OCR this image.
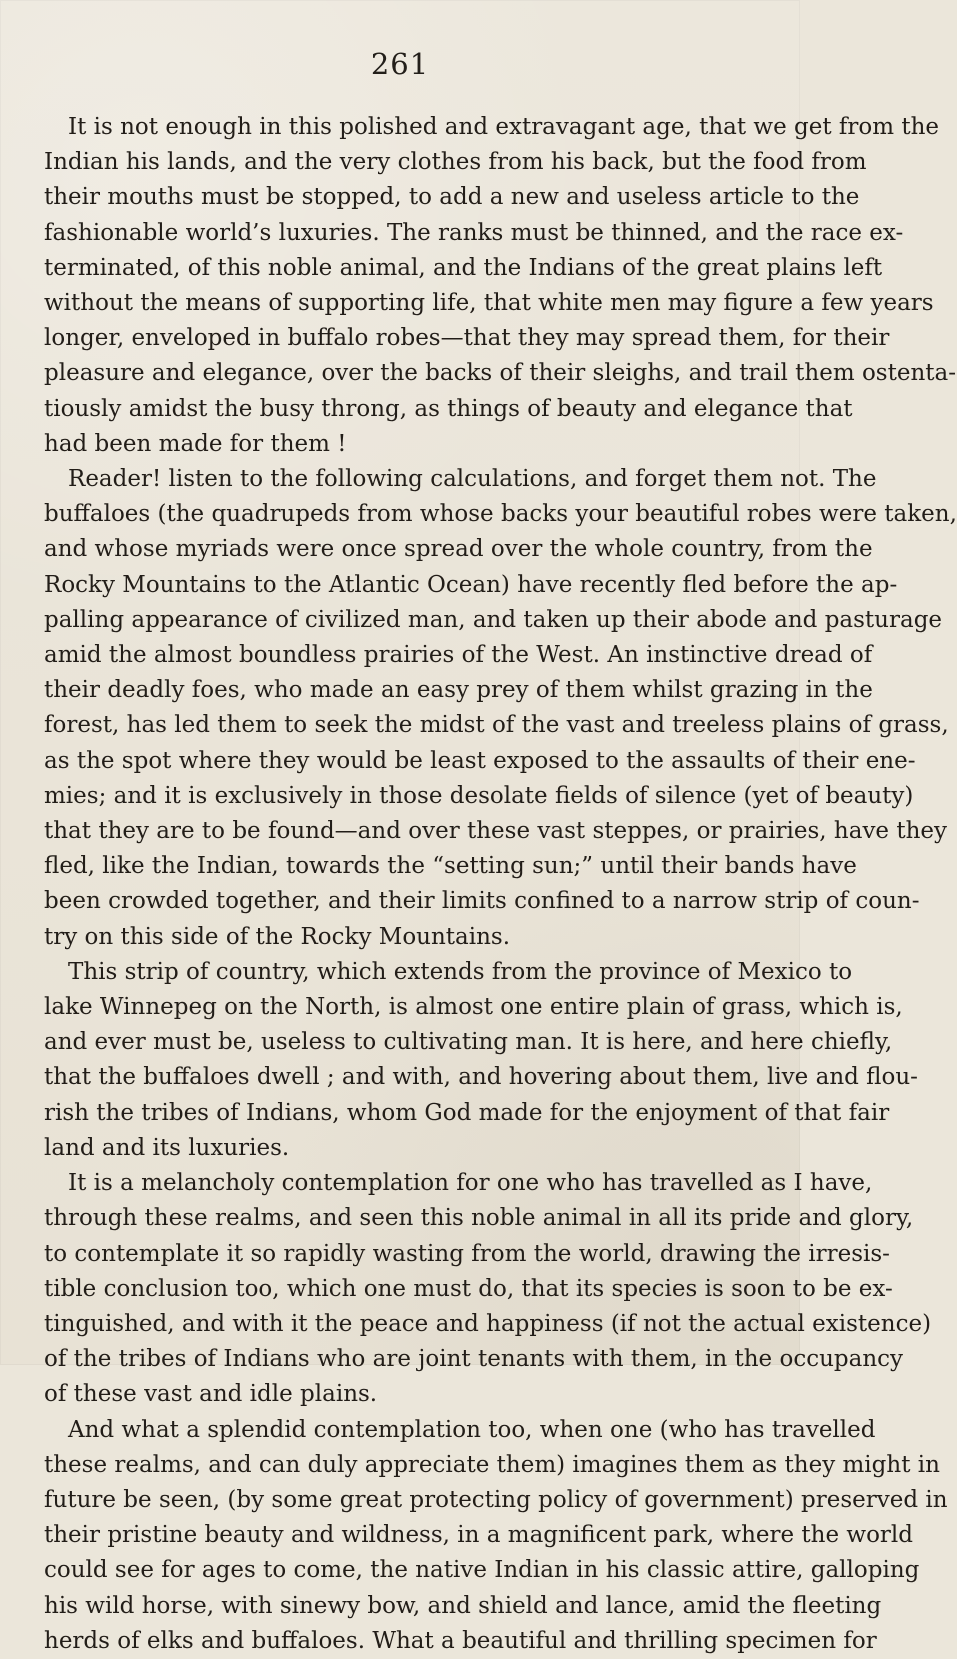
261
It is not enough in this polished and extravagant age, that we get from the
Indian his lands, and the very clothes from his back, but the food from
their mouths must be stopped, to add a new and useless article to the
fashionable world’s luxuries. The ranks must be thinned, and the race ex-
terminated, of this noble animal, and the Indians of the great plains left
without the means of supporting life, that white men may figure a few years
longer, enveloped in buffalo robes—that they may spread them, for their
pleasure and elegance, over the backs of their sleighs, and trail them ostenta-
tiously amidst the busy throng, as things of beauty and elegance that
had been made for them !
Reader! listen to the following calculations, and forget them not. The
buffaloes (the quadrupeds from whose backs your beautiful robes were taken,
and whose myriads were once spread over the whole country, from the
Rocky Mountains to the Atlantic Ocean) have recently fled before the ap-
palling appearance of civilized man, and taken up their abode and pasturage
amid the almost boundless prairies of the West. An instinctive dread of
their deadly foes, who made an easy prey of them whilst grazing in the
forest, has led them to seek the midst of the vast and treeless plains of grass,
as the spot where they would be least exposed to the assaults of their ene-
mies; and it is exclusively in those desolate fields of silence (yet of beauty)
that they are to be found—and over these vast steppes, or prairies, have they
fled, like the Indian, towards the “setting sun;” until their bands have
been crowded together, and their limits confined to a narrow strip of coun-
try on this side of the Rocky Mountains.
This strip of country, which extends from the province of Mexico to
lake Winnepeg on the North, is almost one entire plain of grass, which is,
and ever must be, useless to cultivating man. It is here, and here chiefly,
that the buffaloes dwell ; and with, and hovering about them, live and flou-
rish the tribes of Indians, whom God made for the enjoyment of that fair
land and its luxuries.
It is a melancholy contemplation for one who has travelled as I have,
through these realms, and seen this noble animal in all its pride and glory,
to contemplate it so rapidly wasting from the world, drawing the irresis-
tible conclusion too, which one must do, that its species is soon to be ex-
tinguished, and with it the peace and happiness (if not the actual existence)
of the tribes of Indians who are joint tenants with them, in the occupancy
of these vast and idle plains.
And what a splendid contemplation too, when one (who has travelled
these realms, and can duly appreciate them) imagines them as they might in
future be seen, (by some great protecting policy of government) preserved in
their pristine beauty and wildness, in a magnificent park, where the world
could see for ages to come, the native Indian in his classic attire, galloping
his wild horse, with sinewy bow, and shield and lance, amid the fleeting
herds of elks and buffaloes. What a beautiful and thrilling specimen for
